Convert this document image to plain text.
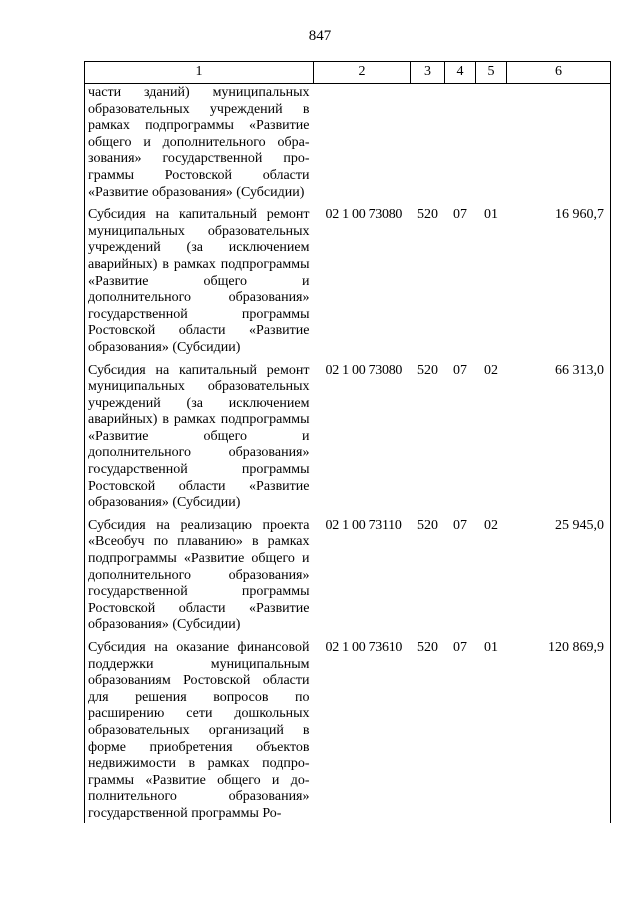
847
1	2	3	4	5	6
части зданий) муниципальных образовательных учреждений в рамках подпрограммы «Развитие общего и дополнительного образования» государственной программы Ростовской области «Развитие образования» (Субсидии)					
Субсидия на капитальный ремонт муниципальных образовательных учреждений (за исключением аварийных) в рамках подпрограммы «Развитие общего и дополнительного образования» государственной программы Ростовской области «Развитие образования» (Субсидии)	02 1 00 73080	520	07	01	16 960,7
Субсидия на капитальный ремонт муниципальных образовательных учреждений (за исключением аварийных) в рамках подпрограммы «Развитие общего и дополнительного образования» государственной программы Ростовской области «Развитие образования» (Субсидии)	02 1 00 73080	520	07	02	66 313,0
Субсидия на реализацию проекта «Всеобуч по плаванию» в рамках подпрограммы «Развитие общего и дополнительного образования» государственной программы Ростовской области «Развитие образования» (Субсидии)	02 1 00 73110	520	07	02	25 945,0
Субсидия на оказание финансовой поддержки муниципальным образованиям Ростовской области для решения вопросов по расширению сети дошкольных образовательных организаций в форме приобретения объектов недвижимости в рамках подпрограммы «Развитие общего и дополнительного образования» государственной программы Ро-	02 1 00 73610	520	07	01	120 869,9
